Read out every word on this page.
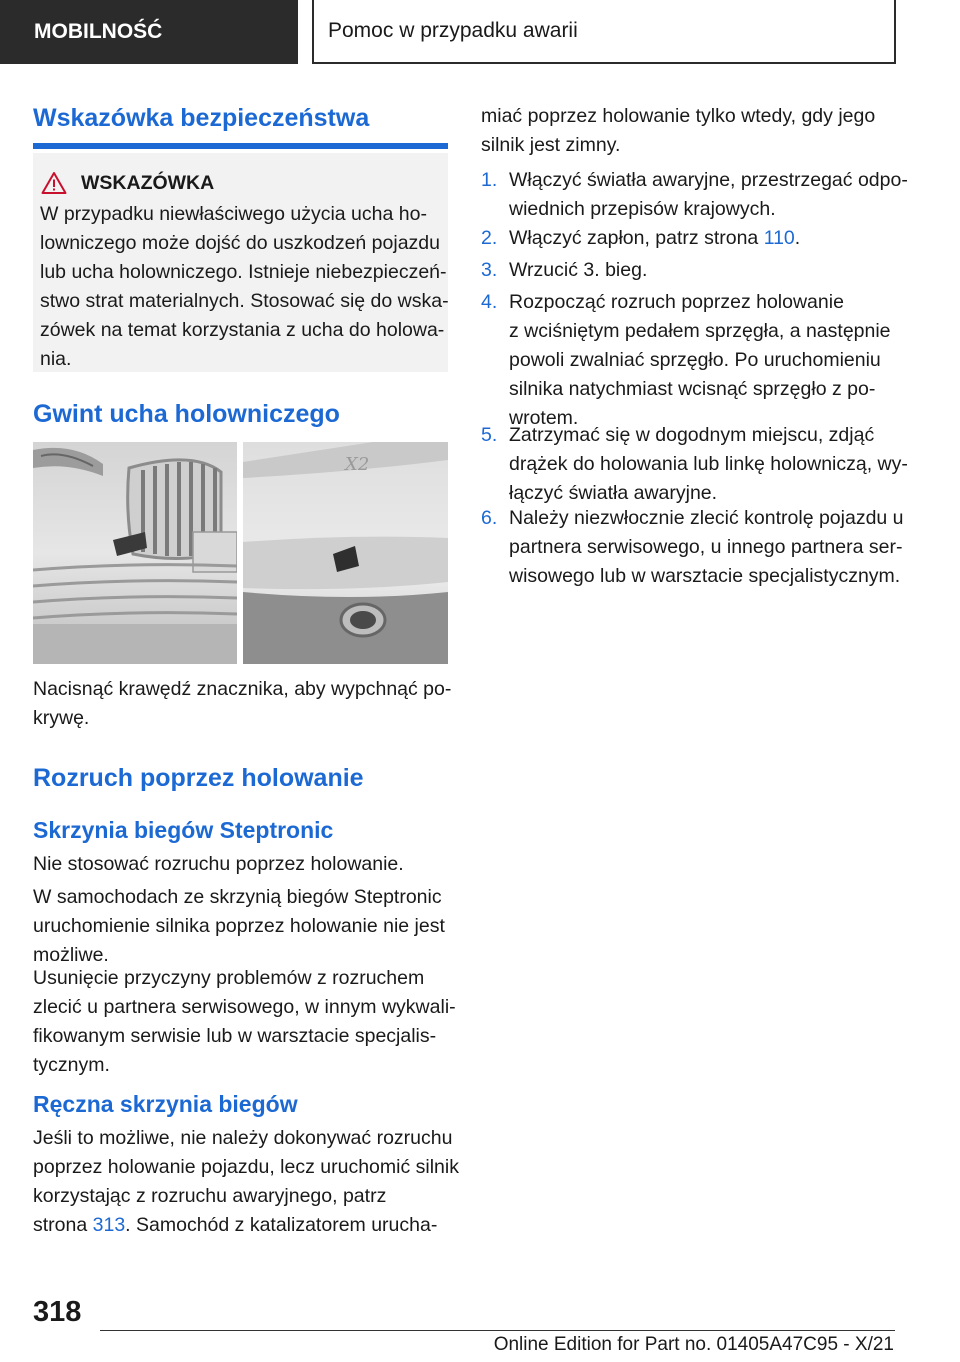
MOBILNOŚĆ	Pomoc w przypadku awarii
Wskazówka bezpieczeństwa
WSKAZÓWKA
W przypadku niewłaściwego użycia ucha ho-
lowniczego może dojść do uszkodzeń pojazdu
lub ucha holowniczego. Istnieje niebezpieczeń-
stwo strat materialnych. Stosować się do wska-
zówek na temat korzystania z ucha do holowa-
nia.
Gwint ucha holowniczego
X2

Nacisnąć krawędź znacznika, aby wypchnąć po-
krywę.

Rozruch poprzez holowanie
Skrzynia biegów Steptronic

Nie stosować rozruchu poprzez holowanie.

W samochodach ze skrzynią biegów Steptronic
uruchomienie silnika poprzez holowanie nie jest
możliwe.

Usunięcie przyczyny problemów z rozruchem
zlecić u partnera serwisowego, w innym wykwali-
fikowanym serwisie lub w warsztacie specjalis-
tycznym.

Ręczna skrzynia biegów

Jeśli to możliwe, nie należy dokonywać rozruchu
poprzez holowanie pojazdu, lecz uruchomić silnik
korzystając z rozruchu awaryjnego, patrz
strona 313. Samochód z katalizatorem urucha-

miać poprzez holowanie tylko wtedy, gdy jego
silnik jest zimny.

1. Włączyć światła awaryjne, przestrzegać odpo-
wiednich przepisów krajowych.
2. Włączyć zapłon, patrz strona 110.
3. Wrzucić 3. bieg.
4. Rozpocząć rozruch poprzez holowanie
z wciśniętym pedałem sprzęgła, a następnie
powoli zwalniać sprzęgło. Po uruchomieniu
silnika natychmiast wcisnąć sprzęgło z po-
wrotem.
5. Zatrzymać się w dogodnym miejscu, zdjąć
drążek do holowania lub linkę holowniczą, wy-
łączyć światła awaryjne.
6. Należy niezwłocznie zlecić kontrolę pojazdu u
partnera serwisowego, u innego partnera ser-
wisowego lub w warsztacie specjalistycznym.
318
Online Edition for Part no. 01405A47C95 - X/21
